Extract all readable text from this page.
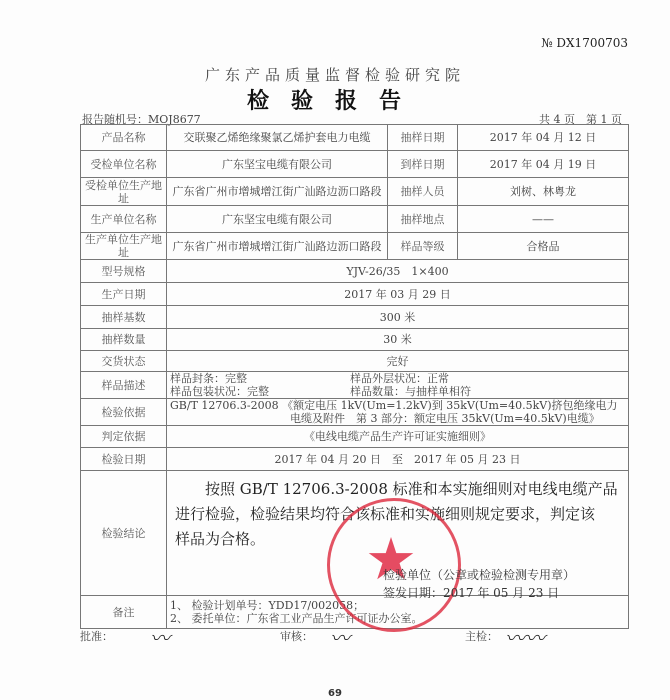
№ DX1700703
广东产品质量监督检验研究院
检验报告
报告随机号：MOJ8677	共 4 页　第 1 页
产品名称	交联聚乙烯绝缘聚氯乙烯护套电力电缆	抽样日期	2017 年 04 月 12 日
受检单位名称	广东坚宝电缆有限公司	到样日期	2017 年 04 月 19 日
受检单位生产地址	广东省广州市增城增江街广汕路边沥口路段	抽样人员	刘树、林粤龙
生产单位名称	广东坚宝电缆有限公司	抽样地点	——
生产单位生产地址	广东省广州市增城增江街广汕路边沥口路段	样品等级	合格品
型号规格	YJV-26/35　1×400		
生产日期	2017 年 03 月 29 日		
抽样基数	300 米		
抽样数量	30 米		
交货状态	完好		
样品描述	样品封条：完整 样品外层状况：正常
样品包装状况：完整 样品数量：与抽样单相符		

检验依据	GB/T 12706.3-2008 《额定电压 1kV(Um=1.2kV)到 35kV(Um=40.5kV)挤包绝缘电力
电缆及附件　第 3 部分：额定电压 35kV(Um=40.5kV)电缆》		

判定依据	《电线电缆产品生产许可证实施细则》		
检验日期	2017 年 04 月 20 日　至　2017 年 05 月 23 日		
检验结论	按照 GB/T 12706.3-2008 标准和本实施细则对电线电缆产品
进行检验，检验结果均符合该标准和实施细则规定要求，判定该
样品为合格。		

备注	1、 检验计划单号：YDD17/002058；
2、 委托单位：广东省工业产品生产许可证办公室。		
★
检验单位（公章或检验检测专用章）
签发日期：2017 年 05 月 23 日
批准： 〰	审核： 〰	主检： 〰〰
69
